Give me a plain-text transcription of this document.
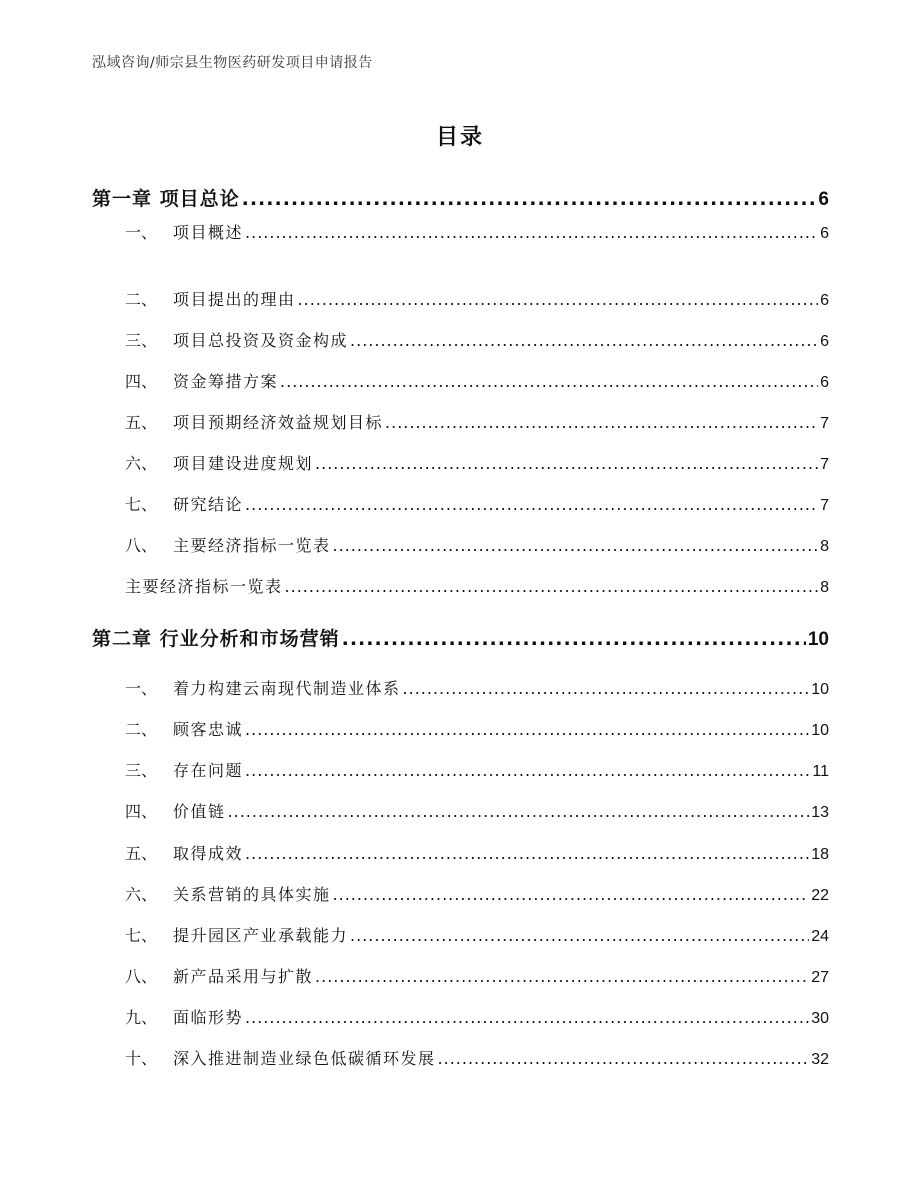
泓域咨询/师宗县生物医药研发项目申请报告
目录
第一章 项目总论 .....	6
一、 项目概述 .....	6
二、 项目提出的理由 .....	6
三、 项目总投资及资金构成 .....	6
四、 资金筹措方案 .....	6
五、 项目预期经济效益规划目标 .....	7
六、 项目建设进度规划 .....	7
七、 研究结论 .....	7
八、 主要经济指标一览表 .....	8
主要经济指标一览表 .....	8
第二章 行业分析和市场营销 .....	10
一、 着力构建云南现代制造业体系 .....	10
二、 顾客忠诚 .....	10
三、 存在问题 .....	11
四、 价值链 .....	13
五、 取得成效 .....	18
六、 关系营销的具体实施 .....	22
七、 提升园区产业承载能力 .....	24
八、 新产品采用与扩散 .....	27
九、 面临形势 .....	30
十、 深入推进制造业绿色低碳循环发展 .....	32
